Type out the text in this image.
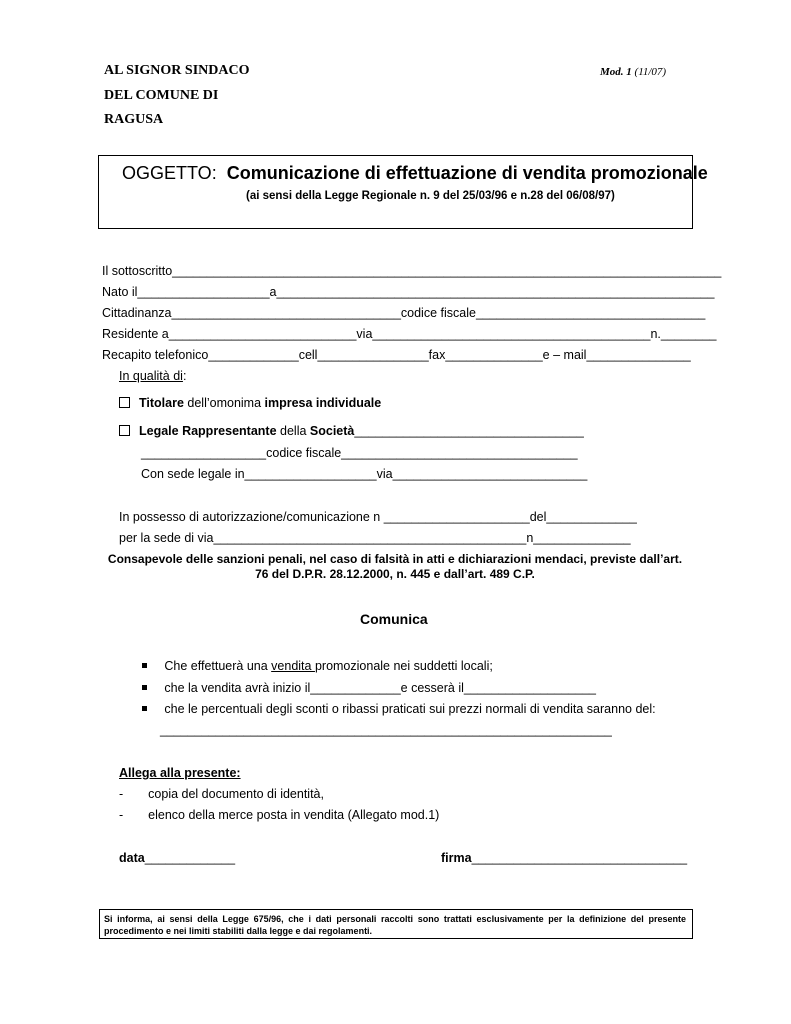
AL SIGNOR SINDACO
DEL COMUNE DI
RAGUSA
Mod. 1 (11/07)
OGGETTO: Comunicazione di effettuazione di vendita promozionale
(ai sensi della Legge Regionale n. 9 del 25/03/96 e n.28 del 06/08/97)
Il sottoscritto_______________________________________________________________________________
Nato il___________________a_______________________________________________________________
Cittadinanza_________________________________codice fiscale_________________________________
Residente a___________________________via________________________________________n.________
Recapito telefonico_____________cell________________fax______________e – mail_______________
In qualità di:
Titolare dell’omonima impresa individuale
Legale Rappresentante della Società_________________________________
__________________codice fiscale__________________________________
Con sede legale in___________________via____________________________
In possesso di autorizzazione/comunicazione n _____________________del_____________
per la sede di via_____________________________________________n______________
Consapevole delle sanzioni penali, nel caso di falsità in atti e dichiarazioni mendaci, previste dall’art.
76 del D.P.R. 28.12.2000, n. 445 e dall’art. 489 C.P.
Comunica
Che effettuerà una vendita promozionale nei suddetti locali;
che la vendita avrà inizio il_____________e cesserà il___________________
che le percentuali degli sconti o ribassi praticati sui prezzi normali di vendita saranno del:
_________________________________________________________________
Allega alla presente:
- copia del documento di identità,
- elenco della merce posta in vendita (Allegato mod.1)
data_____________	firma_______________________________
Si informa, ai sensi della Legge 675/96, che i dati personali raccolti sono trattati esclusivamente per la definizione del presente procedimento e nei limiti stabiliti dalla legge e dai regolamenti.
